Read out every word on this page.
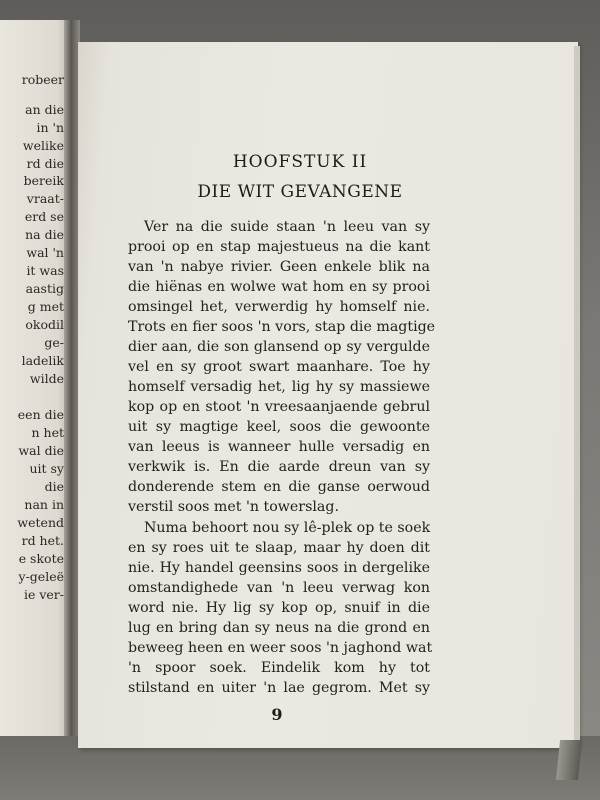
robeer
an die
in 'n
welike
rd die
bereik
vraat-
erd se
na die
wal 'n
it was
aastig
g met
okodil
ge-
ladelik
wilde
een die
n het
wal die
uit sy
die
nan in
wetend
rd het.
e skote
y-geleë
ie ver-
HOOFSTUK II
DIE WIT GEVANGENE
Ver na die suide staan 'n leeu van sy
prooi op en stap majestueus na die kant
van 'n nabye rivier. Geen enkele blik na
die hiënas en wolwe wat hom en sy prooi
omsingel het, verwerdig hy homself nie.
Trots en fier soos 'n vors, stap die magtige
dier aan, die son glansend op sy vergulde
vel en sy groot swart maanhare. Toe hy
homself versadig het, lig hy sy massiewe
kop op en stoot 'n vreesaanjaende gebrul
uit sy magtige keel, soos die gewoonte
van leeus is wanneer hulle versadig en
verkwik is. En die aarde dreun van sy
donderende stem en die ganse oerwoud
verstil soos met 'n towerslag.
Numa behoort nou sy lê-plek op te soek
en sy roes uit te slaap, maar hy doen dit
nie. Hy handel geensins soos in dergelike
omstandighede van 'n leeu verwag kon
word nie. Hy lig sy kop op, snuif in die
lug en bring dan sy neus na die grond en
beweeg heen en weer soos 'n jaghond wat
'n spoor soek. Eindelik kom hy tot
stilstand en uiter 'n lae gegrom. Met sy
9
